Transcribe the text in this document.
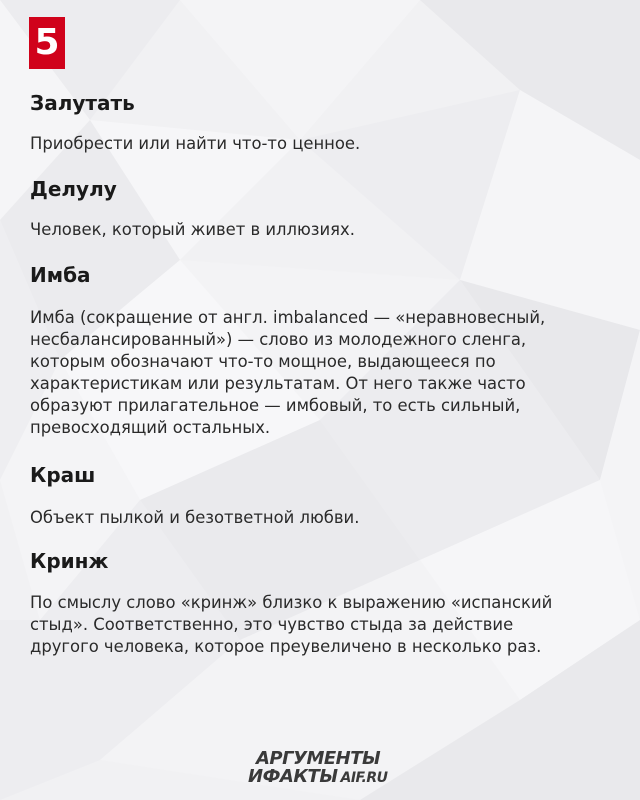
5
Залутать

Приобрести или найти что-то ценное.

Делулу

Человек, который живет в иллюзиях.

Имба
Имба (сокращение от англ. imbalanced — «неравновесный,
несбалансированный») — слово из молодежного сленга,
которым обозначают что-то мощное, выдающееся по
характеристикам или результатам. От него также часто
образуют прилагательное — имбовый, то есть сильный,
превосходящий остальных.
Краш

Объект пылкой и безответной любви.

Кринж
По смыслу слово «кринж» близко к выражению «испанский
стыд». Соответственно, это чувство стыда за действие
другого человека, которое преувеличено в несколько раз.
АРГУМЕНТЫ
ИФАКТЫ AIF.RU
